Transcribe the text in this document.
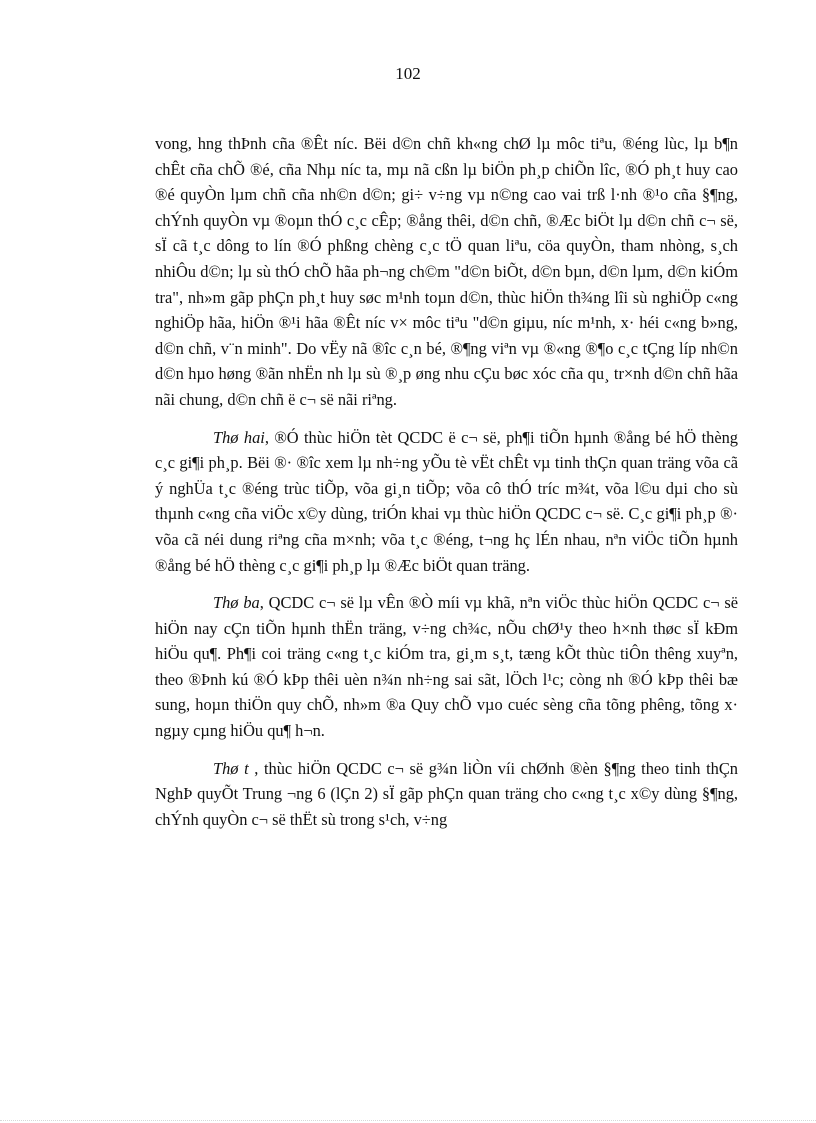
102

vong, hng thÞnh cña ®Êt níc. Bëi d©n chñ kh«ng chØ lµ môc tiªu, ®éng lùc, lµ b¶n chÊt cña chÕ ®é, cña Nhµ níc ta, mµ nã cßn lµ biÖn ph¸p chiÕn lîc, ®Ó ph¸t huy cao ®é quyÒn lµm chñ cña nh©n d©n; gi÷ v÷ng vµ n©ng cao vai trß l·nh ®¹o cña §¶ng, chÝnh quyÒn vµ ®oµn thÓ c¸c cÊp; ®ång thêi, d©n chñ, ®Æc biÖt lµ d©n chñ c¬ së, sÏ cã t¸c dông to lín ®Ó phßng chèng c¸c tÖ quan liªu, cöa quyÒn, tham nhòng, s¸ch nhiÔu d©n; lµ sù thÓ chÕ hãa ph¬ng ch©m "d©n biÕt, d©n bµn, d©n lµm, d©n kiÓm tra", nh»m gãp phÇn ph¸t huy søc m¹nh toµn d©n, thùc hiÖn th¾ng lîi sù nghiÖp c«ng nghiÖp hãa, hiÖn ®¹i hãa ®Êt níc v× môc tiªu "d©n giµu, níc m¹nh, x· héi c«ng b»ng, d©n chñ, v¨n minh". Do vËy nã ®îc c¸n bé, ®¶ng viªn vµ ®«ng ®¶o c¸c tÇng líp nh©n d©n hµo høng ®ãn nhËn nh lµ sù ®¸p øng nhu cÇu bøc xóc cña qu¸ tr×nh d©n chñ hãa nãi chung, d©n chñ ë c¬ së nãi riªng.

Thø hai, ®Ó thùc hiÖn tèt QCDC ë c¬ së, ph¶i tiÕn hµnh ®ång bé hÖ thèng c¸c gi¶i ph¸p. Bëi ®· ®îc xem lµ nh÷ng yÕu tè vËt chÊt vµ tinh thÇn quan träng võa cã ý nghÜa t¸c ®éng trùc tiÕp, võa gi¸n tiÕp; võa cô thÓ tríc m¾t, võa l©u dµi cho sù thµnh c«ng cña viÖc x©y dùng, triÓn khai vµ thùc hiÖn QCDC c¬ së. C¸c gi¶i ph¸p ®· võa cã néi dung riªng cña m×nh; võa t¸c ®éng, t¬ng hç lÉn nhau, nªn viÖc tiÕn hµnh ®ång bé hÖ thèng c¸c gi¶i ph¸p lµ ®Æc biÖt quan träng.

Thø ba, QCDC c¬ së lµ vÊn ®Ò míi vµ khã, nªn viÖc thùc hiÖn QCDC c¬ së hiÖn nay cÇn tiÕn hµnh thËn träng, v÷ng ch¾c, nÕu chØ¹y theo h×nh thøc sÏ kÐm hiÖu qu¶. Ph¶i coi träng c«ng t¸c kiÓm tra, gi¸m s¸t, tæng kÕt thùc tiÔn thêng xuyªn, theo ®Þnh kú ®Ó kÞp thêi uèn n¾n nh÷ng sai sãt, lÖch l¹c; còng nh ®Ó kÞp thêi bæ sung, hoµn thiÖn quy chÕ, nh»m ®a Quy chÕ vµo cuéc sèng cña tõng phêng, tõng x· ngµy cµng hiÖu qu¶ h¬n.

Thø t , thùc hiÖn QCDC c¬ së g¾n liÒn víi chØnh ®èn §¶ng theo tinh thÇn NghÞ quyÕt Trung ¬ng 6 (lÇn 2) sÏ gãp phÇn quan träng cho c«ng t¸c x©y dùng §¶ng, chÝnh quyÒn c¬ së thËt sù trong s¹ch, v÷ng
